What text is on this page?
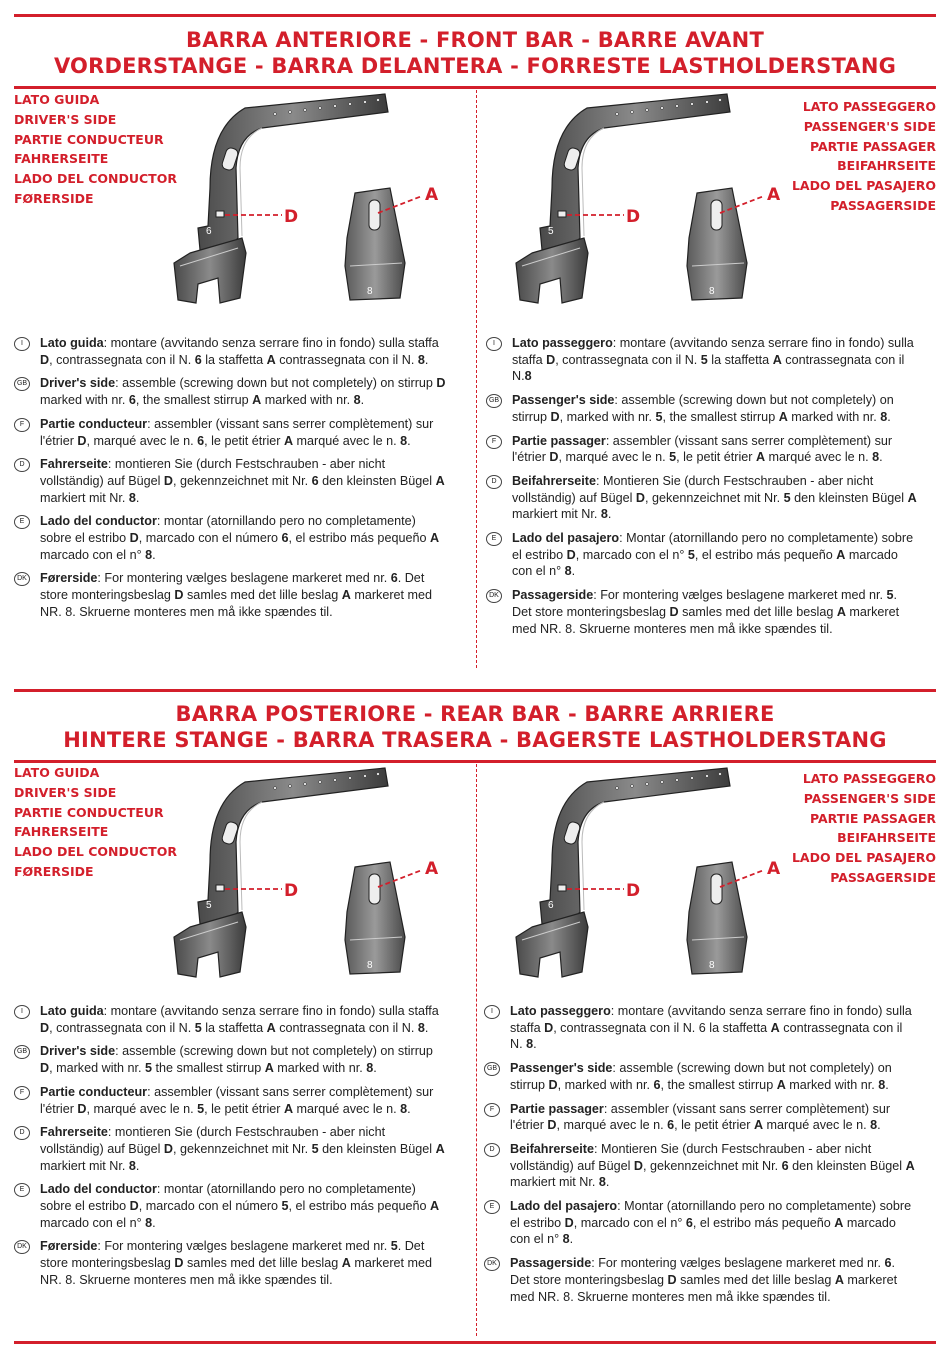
BARRA ANTERIORE - FRONT BAR - BARRE AVANT
VORDERSTANGE - BARRA DELANTERA - FORRESTE LASTHOLDERSTANG
LATO GUIDA
DRIVER'S SIDE
PARTIE CONDUCTEUR
FAHRERSEITE
LADO DEL CONDUCTOR
FØRERSIDE
LATO PASSEGGERO
PASSENGER'S SIDE
PARTIE PASSAGER
BEIFAHRSEITE
LADO DEL PASAJERO
PASSAGERSIDE
6
D
8
A
5
D
8
A
I	Lato guida: montare (avvitando senza serrare fino in fondo) sulla staffa D, contrassegnata con il N. 6 la staffetta A contrassegnata con il N. 8.
GB Driver's side: assemble (screwing down but not completely) on stirrup D marked with nr. 6, the smallest stirrup A marked with nr. 8.
F	Partie conducteur: assembler (vissant sans serrer complètement) sur l'étrier D, marqué avec le n. 6, le petit étrier A marqué avec le n. 8.
D	Fahrerseite: montieren Sie (durch Festschrauben - aber nicht vollständig) auf Bügel D, gekennzeichnet mit Nr. 6 den kleinsten Bügel A markiert mit Nr. 8.
E	Lado del conductor: montar (atornillando pero no completamente) sobre el estribo D, marcado con el número 6, el estribo más pequeño A marcado con el n° 8.
DK Førerside: For montering vælges beslagene markeret med nr. 6. Det store monteringsbeslag D samles med det lille beslag A markeret med NR. 8. Skruerne monteres men må ikke spændes til.
I	Lato passeggero: montare (avvitando senza serrare fino in fondo) sulla staffa D, contrassegnata con il N. 5 la staffetta A contrassegnata con il N.8
GB Passenger's side: assemble (screwing down but not completely) on stirrup D, marked with nr. 5, the smallest stirrup A marked with nr. 8.
F	Partie passager: assembler (vissant sans serrer complètement) sur l'étrier D, marqué avec le n. 5, le petit étrier A marqué avec le n. 8.
D	Beifahrerseite: Montieren Sie (durch Festschrauben - aber nicht vollständig) auf Bügel D, gekennzeichnet mit Nr. 5 den kleinsten Bügel A markiert mit Nr. 8.
E	Lado del pasajero: Montar (atornillando pero no completamente) sobre el estribo D, marcado con el n° 5, el estribo más pequeño A marcado con el n° 8.
DK Passagerside: For montering vælges beslagene markeret med nr. 5. Det store monteringsbeslag D samles med det lille beslag A markeret med NR. 8. Skruerne monteres men må ikke spændes til.
BARRA POSTERIORE - REAR BAR - BARRE ARRIERE
HINTERE STANGE - BARRA TRASERA - BAGERSTE LASTHOLDERSTANG
LATO GUIDA
DRIVER'S SIDE
PARTIE CONDUCTEUR
FAHRERSEITE
LADO DEL CONDUCTOR
FØRERSIDE
LATO PASSEGGERO
PASSENGER'S SIDE
PARTIE PASSAGER
BEIFAHRSEITE
LADO DEL PASAJERO
PASSAGERSIDE
5
D
8
A
6
D
8
A
I	Lato guida: montare (avvitando senza serrare fino in fondo) sulla staffa D, contrassegnata con il N. 5 la staffetta A contrassegnata con il N. 8.
GB Driver's side: assemble (screwing down but not completely) on stirrup D, marked with nr. 5 the smallest stirrup A marked with nr. 8.
F	Partie conducteur: assembler (vissant sans serrer complètement) sur l'étrier D, marqué avec le n. 5, le petit étrier A marqué avec le n. 8.
D	Fahrerseite: montieren Sie (durch Festschrauben - aber nicht vollständig) auf Bügel D, gekennzeichnet mit Nr. 5 den kleinsten Bügel A markiert mit Nr. 8.
E	Lado del conductor: montar (atornillando pero no completamente) sobre el estribo D, marcado con el número 5, el estribo más pequeño A marcado con el n° 8.
DK Førerside: For montering vælges beslagene markeret med nr. 5. Det store monteringsbeslag D samles med det lille beslag A markeret med NR. 8. Skruerne monteres men må ikke spændes til.
I	Lato passeggero: montare (avvitando senza serrare fino in fondo) sulla staffa D, contrassegnata con il N. 6 la staffetta A contrassegnata con il N. 8.
GB Passenger's side: assemble (screwing down but not completely) on stirrup D, marked with nr. 6, the smallest stirrup A marked with nr. 8.
F	Partie passager: assembler (vissant sans serrer complètement) sur l'étrier D, marqué avec le n. 6, le petit étrier A marqué avec le n. 8.
D	Beifahrerseite: Montieren Sie (durch Festschrauben - aber nicht vollständig) auf Bügel D, gekennzeichnet mit Nr. 6 den kleinsten Bügel A markiert mit Nr. 8.
E	Lado del pasajero: Montar (atornillando pero no completamente) sobre el estribo D, marcado con el n° 6, el estribo más pequeño A marcado con el n° 8.
DK Passagerside: For montering vælges beslagene markeret med nr. 6. Det store monteringsbeslag D samles med det lille beslag A markeret med NR. 8. Skruerne monteres men må ikke spændes til.
